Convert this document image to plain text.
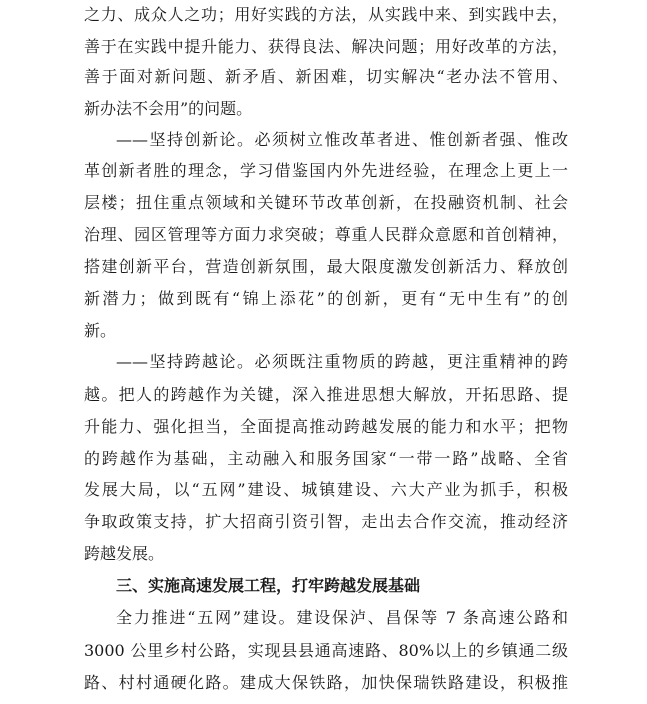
之力、成众人之功；用好实践的方法，从实践中来、到实践中去，

善于在实践中提升能力、获得良法、解决问题；用好改革的方法，

善于面对新问题、新矛盾、新困难，切实解决“老办法不管用、

新办法不会用”的问题。

——坚持创新论。必须树立惟改革者进、惟创新者强、惟改

革创新者胜的理念，学习借鉴国内外先进经验，在理念上更上一

层楼；扭住重点领域和关键环节改革创新，在投融资机制、社会

治理、园区管理等方面力求突破；尊重人民群众意愿和首创精神，

搭建创新平台，营造创新氛围，最大限度激发创新活力、释放创

新潜力；做到既有“锦上添花”的创新，更有“无中生有”的创

新。

——坚持跨越论。必须既注重物质的跨越，更注重精神的跨

越。把人的跨越作为关键，深入推进思想大解放，开拓思路、提

升能力、强化担当，全面提高推动跨越发展的能力和水平；把物

的跨越作为基础，主动融入和服务国家“一带一路”战略、全省

发展大局，以“五网”建设、城镇建设、六大产业为抓手，积极

争取政策支持，扩大招商引资引智，走出去合作交流，推动经济

跨越发展。

三、实施高速发展工程，打牢跨越发展基础

全力推进“五网”建设。建设保泸、昌保等 7 条高速公路和

3000 公里乡村公路，实现县县通高速路、80%以上的乡镇通二级

路、村村通硬化路。建成大保铁路，加快保瑞铁路建设，积极推
